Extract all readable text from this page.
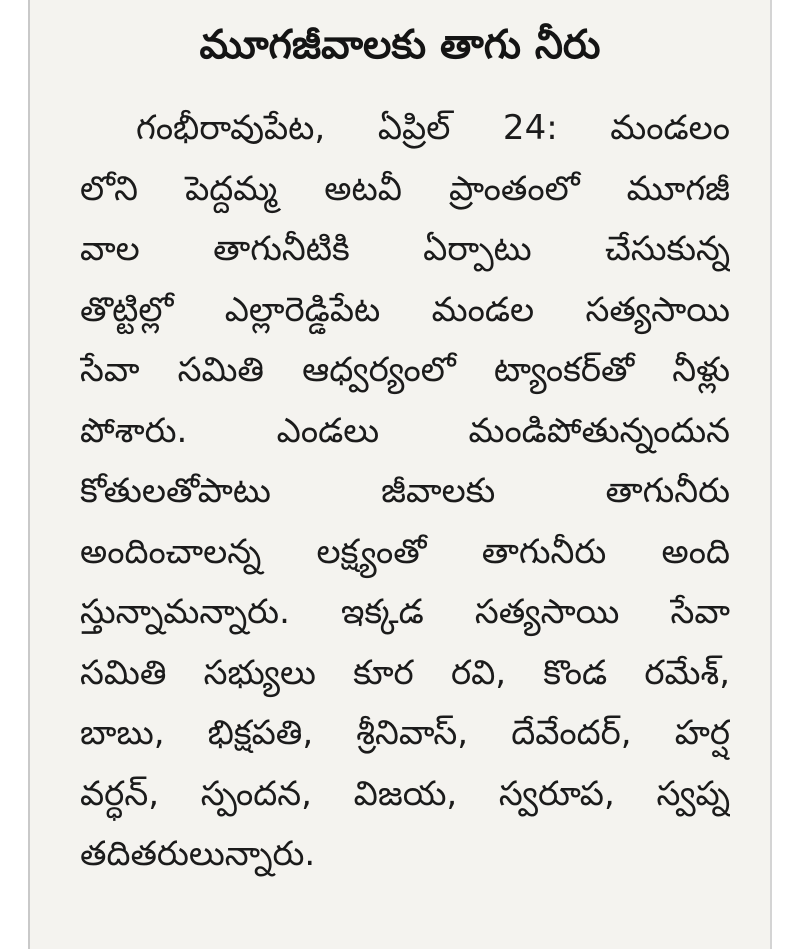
మూగజీవాలకు తాగు నీరు
గంభీరావుపేట, ఏప్రిల్ 24: మండలం
లోని పెద్దమ్మ అటవీ ప్రాంతంలో మూగజీ
వాల తాగునీటికి ఏర్పాటు చేసుకున్న
తొట్టిల్లో ఎల్లారెడ్డిపేట మండల సత్యసాయి
సేవా సమితి ఆధ్వర్యంలో ట్యాంకర్‌తో నీళ్లు
పోశారు. ఎండలు మండిపోతున్నందున
కోతులతోపాటు జీవాలకు తాగునీరు
అందించాలన్న లక్ష్యంతో తాగునీరు అంది
స్తున్నామన్నారు. ఇక్కడ సత్యసాయి సేవా
సమితి సభ్యులు కూర రవి, కొండ రమేశ్,
బాబు, భిక్షపతి, శ్రీనివాస్, దేవేందర్, హర్ష
వర్ధన్, స్పందన, విజయ, స్వరూప, స్వప్న
తదితరులున్నారు.
